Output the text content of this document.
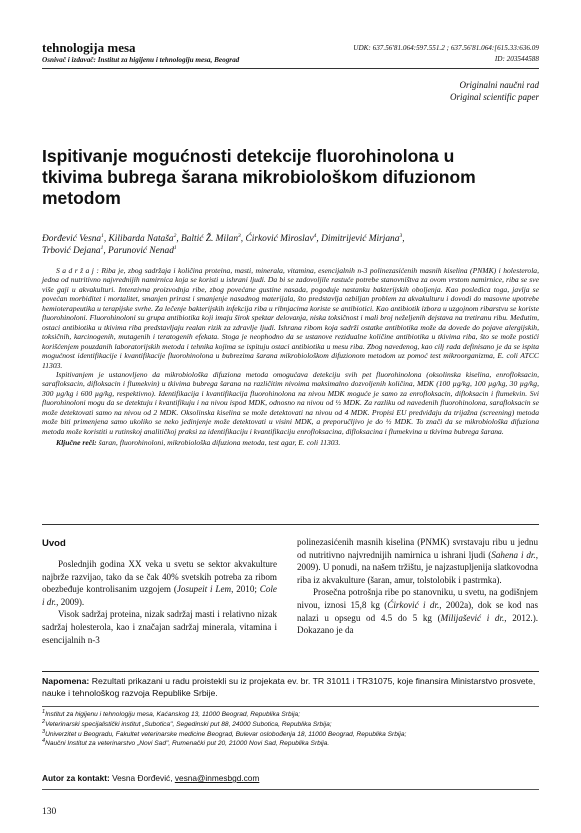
tehnologija mesa
Osnivač i izdavač: Institut za higijenu i tehnologiju mesa, Beograd
UDK: 637.56'81.064:597.551.2 ; 637.56'81.064:[615.33:636.09
ID: 203544588
Originalni naučni rad
Original scientific paper
Ispitivanje mogućnosti detekcije fluorohinolona u tkivima bubrega šarana mikrobiološkom difuzionom metodom
Đorđević Vesna$^1$, Kilibarda Nataša$^2$, Baltić Ž. Milan$^3$, Ćirković Miroslav$^4$, Dimitrijević Mirjana$^3$,
Trbović Dejana$^1$, Parunović Nenad$^1$

S a d r ž a j : Riba je, zbog sadržaja i količina proteina, masti, minerala, vitamina, esencijalnih n-3 polinezasićenih masnih kiselina (PNMK) i holesterola, jedna od nutritivno najvrednijih namirnica koja se koristi u ishrani ljudi. Da bi se zadovoljile rastuće potrebe stanovništva za ovom vrstom namirnice, riba se sve više gaji u akvakulturi. Intenzivna proizvodnja ribe, zbog povećane gustine nasada, pogoduje nastanku bakterijskih oboljenja. Kao posledica toga, javlja se povećan morbiditet i mortalitet, smanjen prirast i smanjenje nasadnog materijala, što predstavlja ozbiljan problem za akvakulturu i dovodi do masovne upotrebe hemioterapeutika u terapijske svrhe. Za lečenje bakterijskih infekcija riba u ribnjacima koriste se antibiotici. Kao antibiotik izbora u uzgojnom ribarstvu se koriste fluorohinoloni. Fluorohinoloni su grupa antibiotika koji imaju širok spektar delovanja, niska toksičnost i mali broj neželjenih dejstava na tretiranu ribu. Međutim, ostaci antibiotika u tkivima riba predstavljaju realan rizik za zdravlje ljudi. Ishrana ribom koja sadrži ostatke antibiotika može da dovede do pojave alergijskih, toksičnih, karcinogenih, mutagenih i teratogenih efekata. Stoga je neophodno da se ustanove rezidualne količine antibiotika u tkivima riba, što se može postići korišćenjem pouzdanih laboratorijskih metoda i tehnika kojima se ispituju ostaci antibiotika u mesu riba. Zbog navedenog, kao cilj rada definisano je da se ispita mogućnost identifikacije i kvantifikacije fluorohinolona u bubrezima šarana mikrobiološkom difuzionom metodom uz pomoć test mikroorganizma, E. coli ATCC 11303.

Ispitivanjem je ustanovljeno da mikrobiološka difuziona metoda omogućava detekciju svih pet fluorohinolona (oksolinska kiselina, enrofloksacin, sarafloksacin, difloksacin i flumekvin) u tkivima bubrega šarana na različitim nivoima maksimalno dozvoljenih količina, MDK (100 µg/kg, 100 µg/kg, 30 µg/kg, 300 µg/kg i 600 µg/kg, respektivno). Identifikacija i kvantifikacija fluorohinolona na nivou MDK moguće je samo za enrofloksacin, difloksacin i flumekvin. Svi fluorohinoloni mogu da se detektuju i kvantifikuju i na nivou ispod MDK, odnosno na nivou od ½ MDK. Za razliku od navedenih fluorohinolona, sarafloksacin se može detektovati samo na nivou od 2 MDK. Oksolinska kiselina se može detektovati na nivou od 4 MDK. Propisi EU predviđaju da trijažna (screening) metoda može biti primenjena samo ukoliko se neko jedinjenje može detektovati u visini MDK, a preporučljivo je do ½ MDK. To znači da se mikrobiološka difuziona metoda može koristiti u rutinskoj analitičkoj praksi za identifikaciju i kvantifikaciju enrofloksacina, difloksacina i flumekvina u tkivima bubrega šarana.

Ključne reči: šaran, fluorohinoloni, mikrobiološka difuziona metoda, test agar, E. coli 11303.

Uvod

Poslednjih godina XX veka u svetu se sektor akvakulture najbrže razvijao, tako da se čak 40% svetskih potreba za ribom obezbeđuje kontrolisanim uzgojem (Josupeit i Lem, 2010; Cole i dr., 2009).

Visok sadržaj proteina, nizak sadržaj masti i relativno nizak sadržaj holesterola, kao i značajan sadržaj minerala, vitamina i esencijalnih n-3

polinezasićenih masnih kiselina (PNMK) svrstavaju ribu u jednu od nutritivno najvrednijih namirnica u ishrani ljudi (Sahena i dr., 2009). U ponudi, na našem tržištu, je najzastupljenija slatkovodna riba iz akvakulture (šaran, amur, tolstolobik i pastrmka).

Prosečna potrošnja ribe po stanovniku, u svetu, na godišnjem nivou, iznosi 15,8 kg (Ćirković i dr., 2002a), dok se kod nas nalazi u opsegu od 4.5 do 5 kg (Milijašević i dr., 2012.). Dokazano je da

Napomena: Rezultati prikazani u radu proistekli su iz projekata ev. br. TR 31011 i TR31075, koje finansira Ministarstvo prosvete, nauke i tehnološkog razvoja Republike Srbije.
$^1$Institut za higijenu i tehnologiju mesa, Kaćanskog 13, 11000 Beograd, Republika Srbija;
$^2$Veterinarski specijalistički institut „Subotica", Segedinski put 88, 24000 Subotica, Republika Srbija;
$^3$Univerzitet u Beogradu, Fakultet veterinarske medicine Beograd, Bulevar oslobođenja 18, 11000 Beograd, Republika Srbija;
$^4$Naučni Institut za veterinarstvo „Novi Sad", Rumenački put 20, 21000 Novi Sad, Republika Srbija.
Autor za kontakt: Vesna Đorđević, vesna@inmesbgd.com
130
